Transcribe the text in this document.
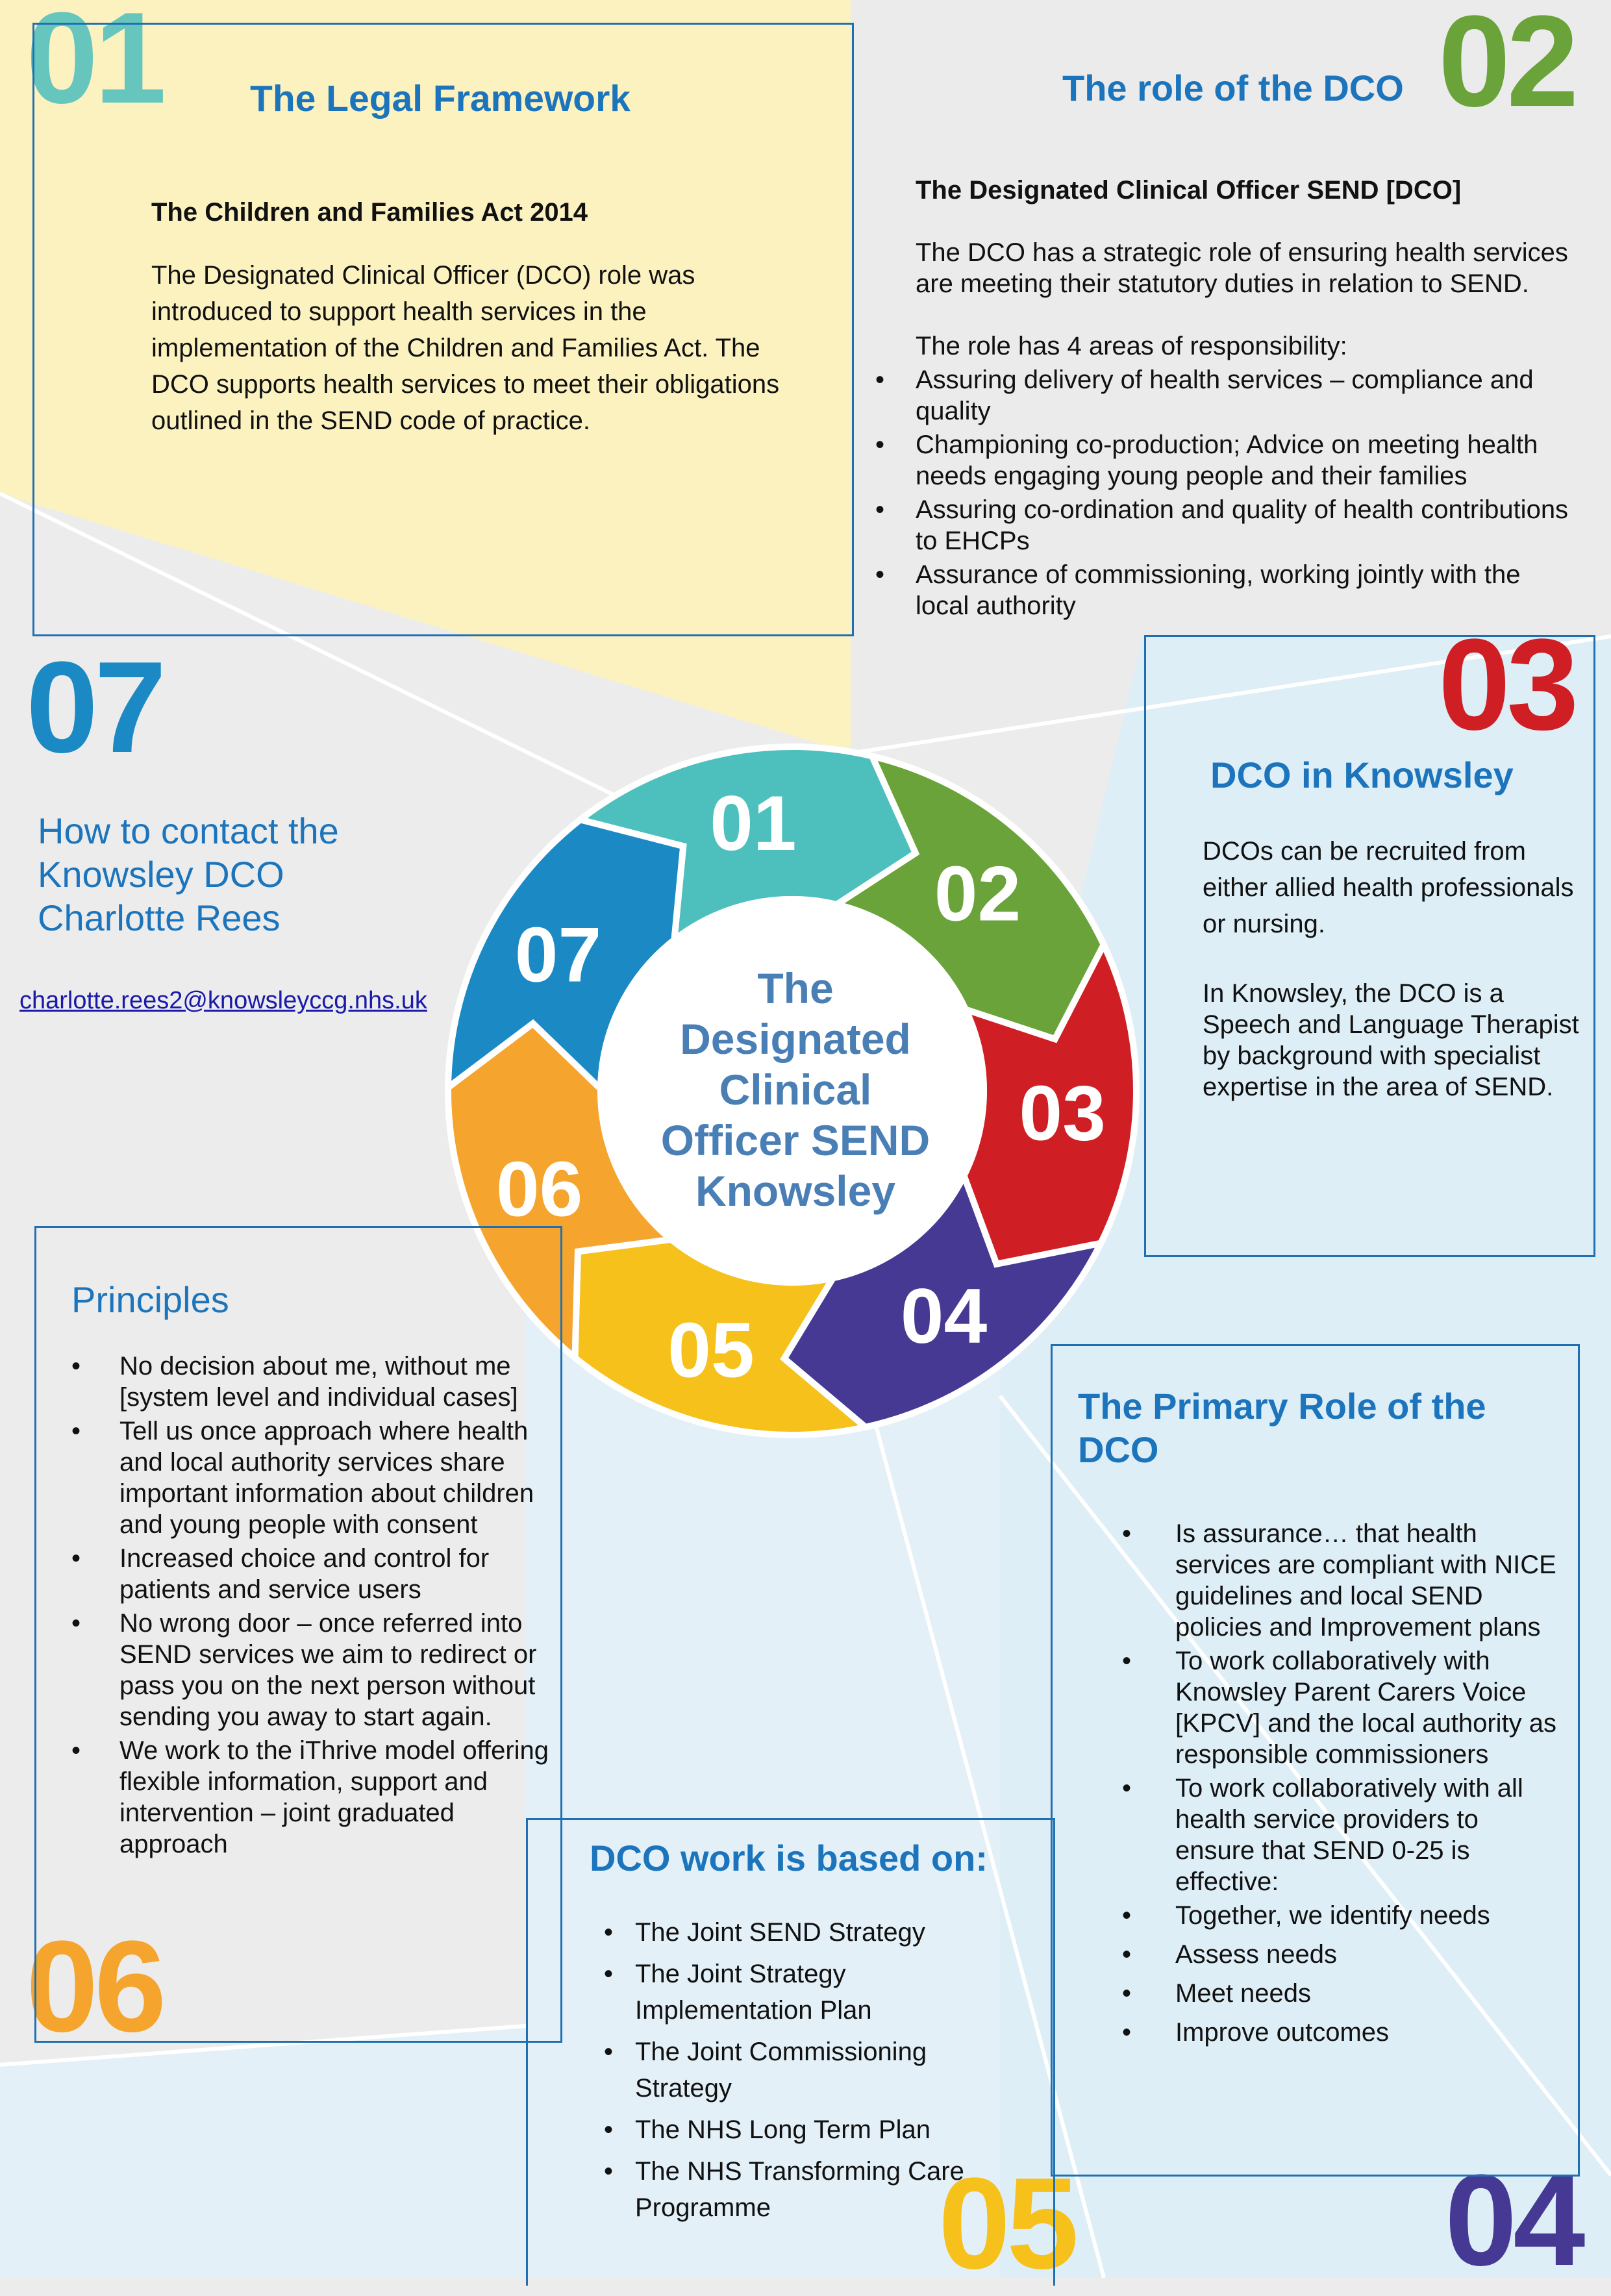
01	02
03
04
05
06
07
The Legal Framework
The Children and Families Act 2014
The Designated Clinical Officer (DCO) role was introduced to support health services in the implementation of the Children and Families Act. The DCO supports health services to meet their obligations outlined in the SEND code of practice.
The role of the DCO
The Designated Clinical Officer SEND [DCO]
The DCO has a strategic role of ensuring health services are meeting their statutory duties in relation to SEND.
The role has 4 areas of responsibility:
• Assuring delivery of health services – compliance and quality
• Championing co-production; Advice on meeting health needs engaging young people and their families
• Assuring co-ordination and quality of health contributions to EHCPs
• Assurance of commissioning, working jointly with the local authority
DCO in Knowsley
DCOs can be recruited from either allied health professionals or nursing.
In Knowsley, the DCO is a Speech and Language Therapist by background with specialist expertise in the area of SEND.
How to contact the
Knowsley DCO
Charlotte Rees
charlotte.rees2@knowsleyccg.nhs.uk
01
02
03
04
05
06
07	The
Designated
Clinical
Officer SEND
Knowsley
Principles
• No decision about me, without me [system level and individual cases]
• Tell us once approach where health and local authority services share important information about children and young people with consent
• Increased choice and control for patients and service users
• No wrong door – once referred into SEND services we aim to redirect or pass you on the next person without sending you away to start again.
• We work to the iThrive model offering flexible information, support and intervention – joint graduated approach	DCO work is based on:
• The Joint SEND Strategy
• The Joint Strategy Implementation Plan
• The Joint Commissioning Strategy
• The NHS Long Term Plan
• The NHS Transforming Care Programme
The Primary Role of the DCO
• Is assurance… that health services are compliant with NICE guidelines and local SEND policies and Improvement plans
• To work collaboratively with Knowsley Parent Carers Voice [KPCV] and the local authority as responsible commissioners
• To work collaboratively with all health service providers to ensure that SEND 0-25 is effective:
• Together, we identify needs
• Assess needs
• Meet needs
• Improve outcomes
